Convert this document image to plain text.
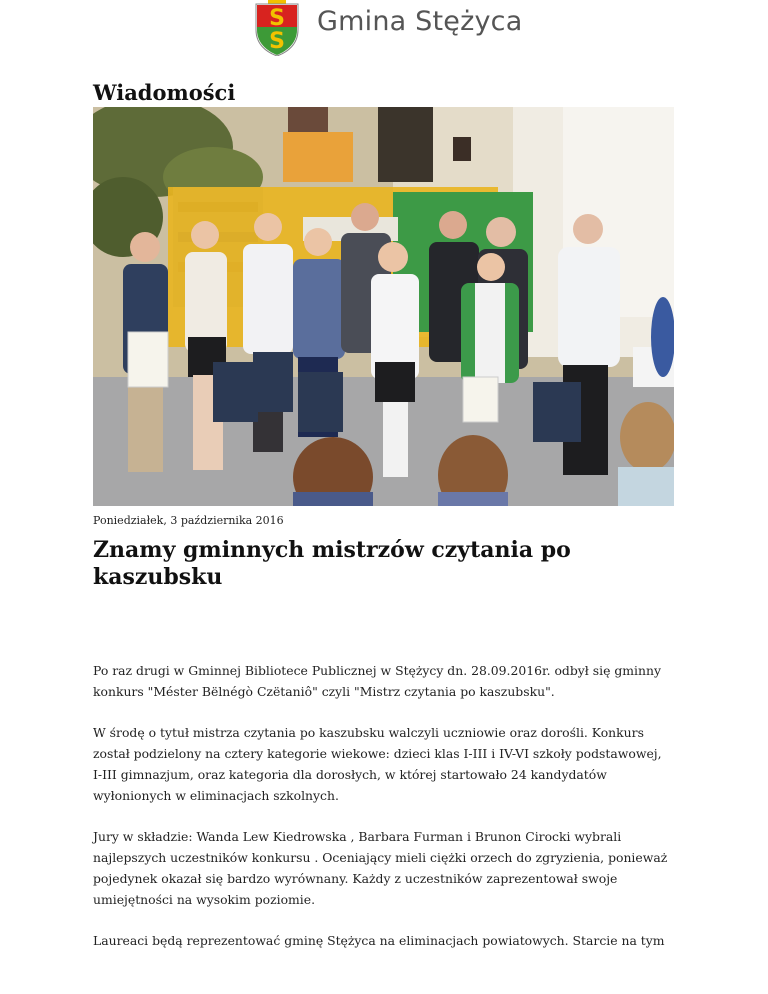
S
S
Gmina Stężyca
Wiadomości
Poniedziałek, 3 października 2016
Znamy gminnych mistrzów czytania po kaszubsku

Po raz drugi w Gminnej Bibliotece Publicznej w Stężycy dn. 28.09.2016r. odbył się gminny konkurs "Méster Bëlnégò Czëtaniô" czyli "Mistrz czytania po kaszubsku".

W środę o tytuł mistrza czytania po kaszubsku walczyli uczniowie oraz dorośli. Konkurs został podzielony na cztery kategorie wiekowe: dzieci klas I-III i IV-VI szkoły podstawowej, I-III gimnazjum, oraz kategoria dla dorosłych, w której startowało 24 kandydatów wyłonionych w eliminacjach szkolnych.

Jury w składzie: Wanda Lew Kiedrowska , Barbara Furman i Brunon Cirocki wybrali najlepszych uczestników konkursu . Oceniający mieli ciężki orzech do zgryzienia, ponieważ pojedynek okazał się bardzo wyrównany. Każdy z uczestników zaprezentował swoje umiejętności na wysokim poziomie.

Laureaci będą reprezentować gminę Stężyca na eliminacjach powiatowych. Starcie na tym
